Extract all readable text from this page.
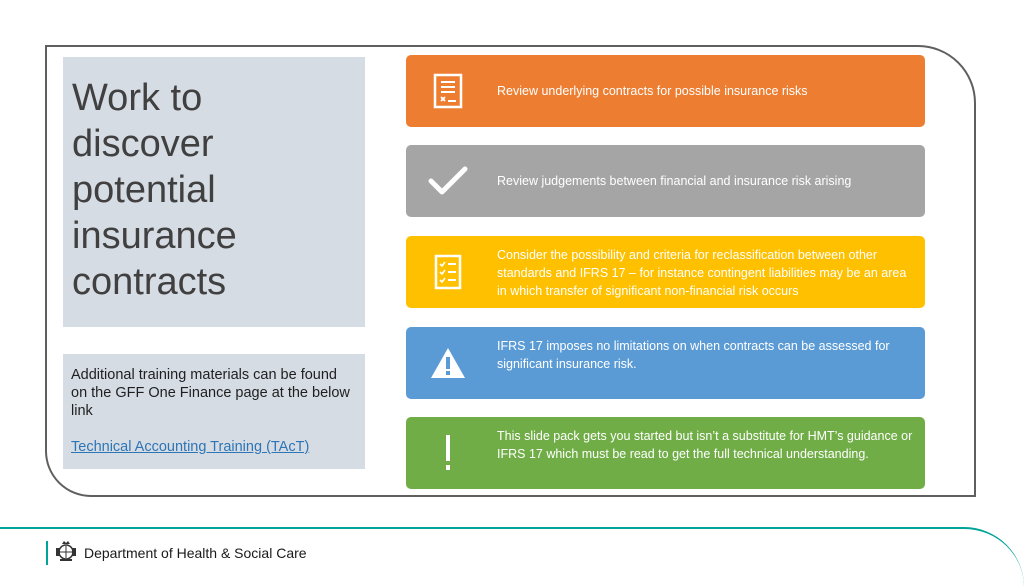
Work to
discover
potential
insurance
contracts
Additional training materials can be found on the GFF One Finance page at the below link
Technical Accounting Training (TAcT)
Review underlying contracts for possible insurance risks
Review judgements between financial and insurance risk arising
Consider the possibility and criteria for reclassification between other standards and IFRS 17 – for instance contingent liabilities may be an area in which transfer of significant non-financial risk occurs
IFRS 17 imposes no limitations on when contracts can be assessed for significant insurance risk.
This slide pack gets you started but isn’t a substitute for HMT’s guidance or IFRS 17 which must be read to get the full technical understanding.
Department of Health & Social Care
